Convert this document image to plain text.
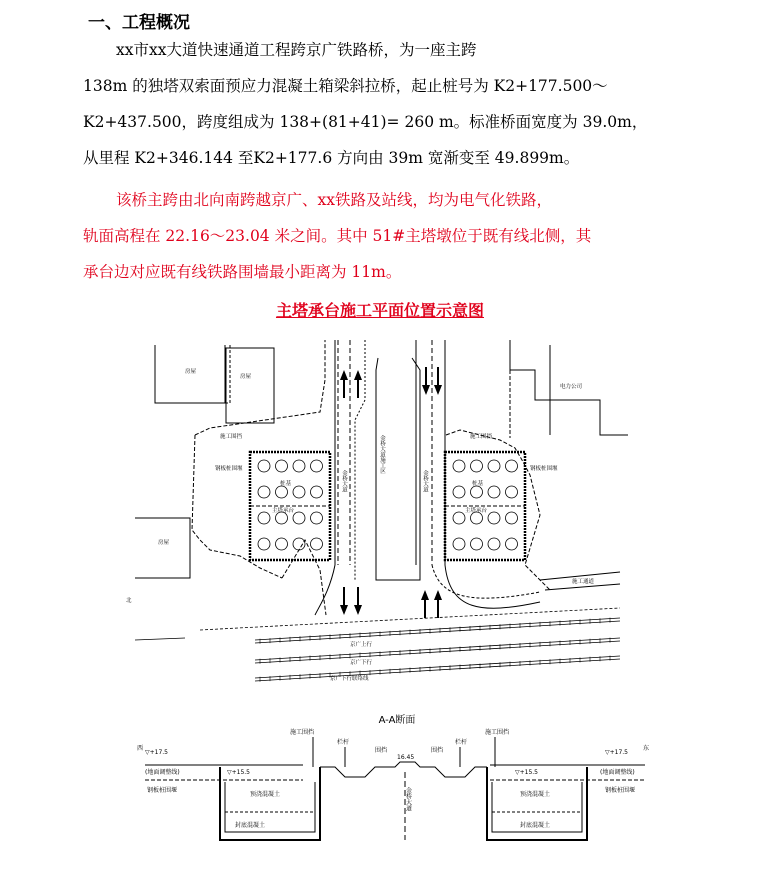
一、工程概况
xx市xx大道快速通道工程跨京广铁路桥，为一座主跨
138m 的独塔双索面预应力混凝土箱梁斜拉桥，起止桩号为 K2+177.500～
K2+437.500，跨度组成为 138+(81+41)= 260 m。标准桥面宽度为 39.0m，
从里程 K2+346.144 至K2+177.6 方向由 39m 宽渐变至 49.899m。
该桥主跨由北向南跨越京广、xx铁路及站线，均为电气化铁路，
轨面高程在 22.16～23.04 米之间。其中 51#主塔墩位于既有线北侧，其
承台边对应既有线铁路围墙最小距离为 11m。
主塔承台施工平面位置示意图
房屋
房屋
房屋
电力公司
施工围挡	施工围挡
钢板桩围堰	钢板桩围堰
桩基	桩基
主塔承台	主塔承台
施工通道
北
京广上行
京广下行
京广下行联络线
金桥大道施工区
金桥大道	金桥大道
A-A断面
西	东
▽+17.5	▽+17.5
(地面调整线)	(地面调整线)
▽+15.5	▽+15.5
钢板桩围堰	钢板桩围堰
预浇混凝土	预浇混凝土
封底混凝土	封底混凝土
施工围挡	施工围挡
栏杆	栏杆
围挡	围挡
16.45
金桥大道
